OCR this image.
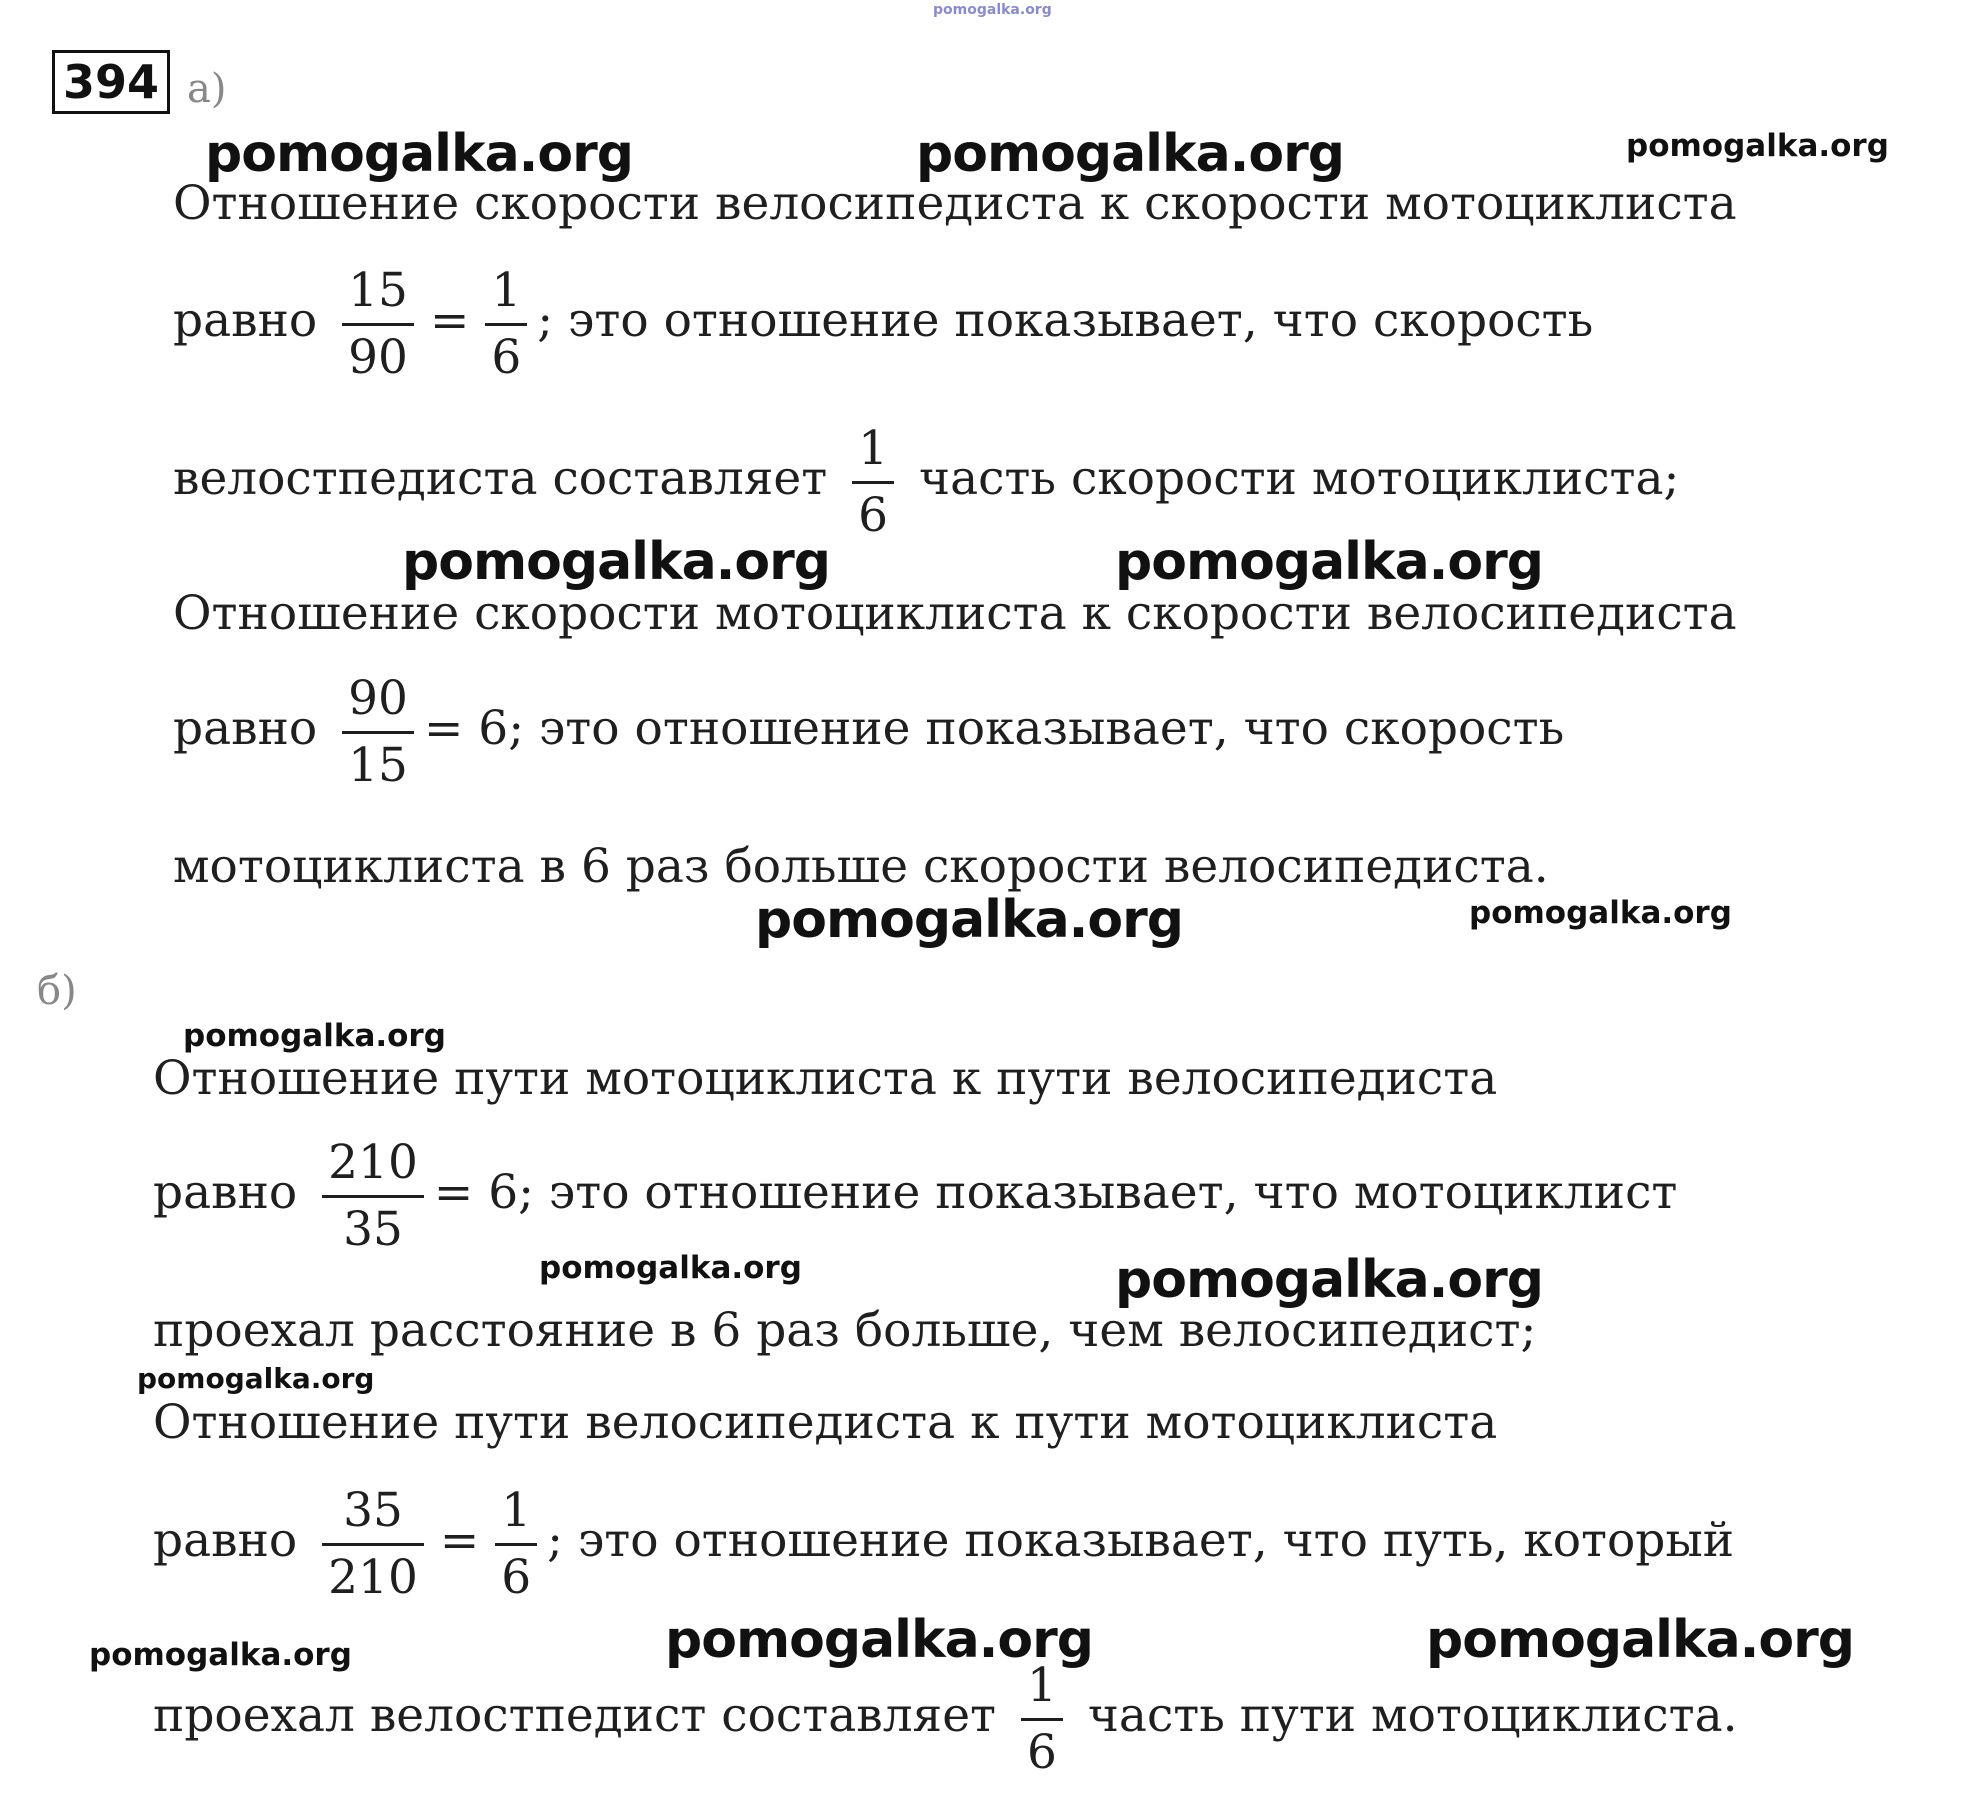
pomogalka.org
394 а)
pomogalka.org	pomogalka.org	pomogalka.org
Отношение скорости велосипедиста к скорости мотоциклиста
равно $\frac{15}{90} = \frac{1}{6}$ ; это отношение показывает, что скорость
велостпедиста составляет $\frac{1}{6}$ часть скорости мотоциклиста;
pomogalka.org	pomogalka.org
Отношение скорости мотоциклиста к скорости велосипедиста
равно $\frac{90}{15} = 6$; это отношение показывает, что скорость
мотоциклиста в 6 раз больше скорости велосипедиста.
pomogalka.org	pomogalka.org
б)
pomogalka.org
Отношение пути мотоциклиста к пути велосипедиста
равно $\frac{210}{35} = 6$; это отношение показывает, что мотоциклист
pomogalka.org	pomogalka.org
проехал расстояние в 6 раз больше, чем велосипедист;
pomogalka.org
Отношение пути велосипедиста к пути мотоциклиста
равно $\frac{35}{210} = \frac{1}{6}$ ; это отношение показывает, что путь, который
pomogalka.org	pomogalka.org	pomogalka.org
проехал велостпедист составляет $\frac{1}{6}$ часть пути мотоциклиста.
